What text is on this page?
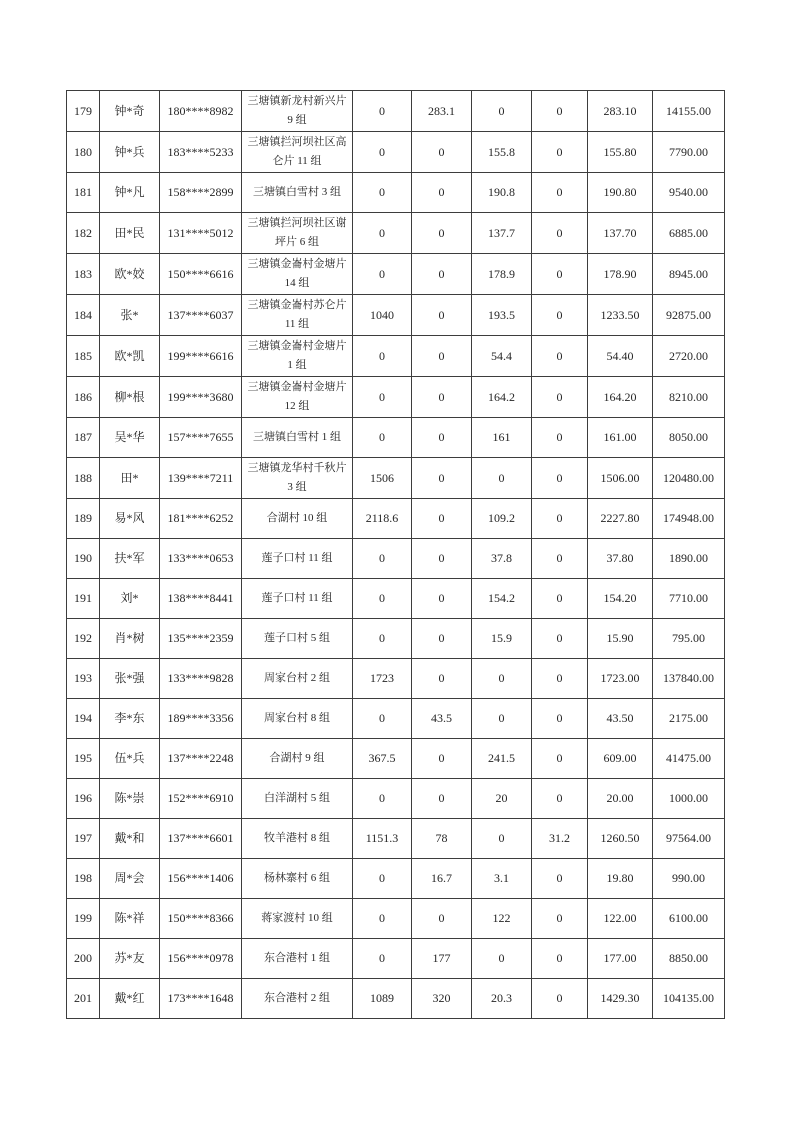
179	钟*奇	180****8982	三塘镇新龙村新兴片 9 组	0	283.1	0	0	283.10	14155.00
180	钟*兵	183****5233	三塘镇拦河坝社区高仑片 11 组	0	0	155.8	0	155.80	7790.00
181	钟*凡	158****2899	三塘镇白雪村 3 组	0	0	190.8	0	190.80	9540.00
182	田*民	131****5012	三塘镇拦河坝社区谢坪片 6 组	0	0	137.7	0	137.70	6885.00
183	欧*姣	150****6616	三塘镇金崙村金塘片 14 组	0	0	178.9	0	178.90	8945.00
184	张*	137****6037	三塘镇金崙村苏仑片 11 组	1040	0	193.5	0	1233.50	92875.00
185	欧*凯	199****6616	三塘镇金崙村金塘片 1 组	0	0	54.4	0	54.40	2720.00
186	柳*根	199****3680	三塘镇金崙村金塘片 12 组	0	0	164.2	0	164.20	8210.00
187	吴*华	157****7655	三塘镇白雪村 1 组	0	0	161	0	161.00	8050.00
188	田*	139****7211	三塘镇龙华村千秋片 3 组	1506	0	0	0	1506.00	120480.00
189	易*风	181****6252	合湖村 10 组	2118.6	0	109.2	0	2227.80	174948.00
190	扶*军	133****0653	莲子口村 11 组	0	0	37.8	0	37.80	1890.00
191	刘*	138****8441	莲子口村 11 组	0	0	154.2	0	154.20	7710.00
192	肖*树	135****2359	莲子口村 5 组	0	0	15.9	0	15.90	795.00
193	张*强	133****9828	周家台村 2 组	1723	0	0	0	1723.00	137840.00
194	李*东	189****3356	周家台村 8 组	0	43.5	0	0	43.50	2175.00
195	伍*兵	137****2248	合湖村 9 组	367.5	0	241.5	0	609.00	41475.00
196	陈*崇	152****6910	白洋湖村 5 组	0	0	20	0	20.00	1000.00
197	戴*和	137****6601	牧羊港村 8 组	1151.3	78	0	31.2	1260.50	97564.00
198	周*会	156****1406	杨林寨村 6 组	0	16.7	3.1	0	19.80	990.00
199	陈*祥	150****8366	蒋家渡村 10 组	0	0	122	0	122.00	6100.00
200	苏*友	156****0978	东合港村 1 组	0	177	0	0	177.00	8850.00
201	戴*红	173****1648	东合港村 2 组	1089	320	20.3	0	1429.30	104135.00
